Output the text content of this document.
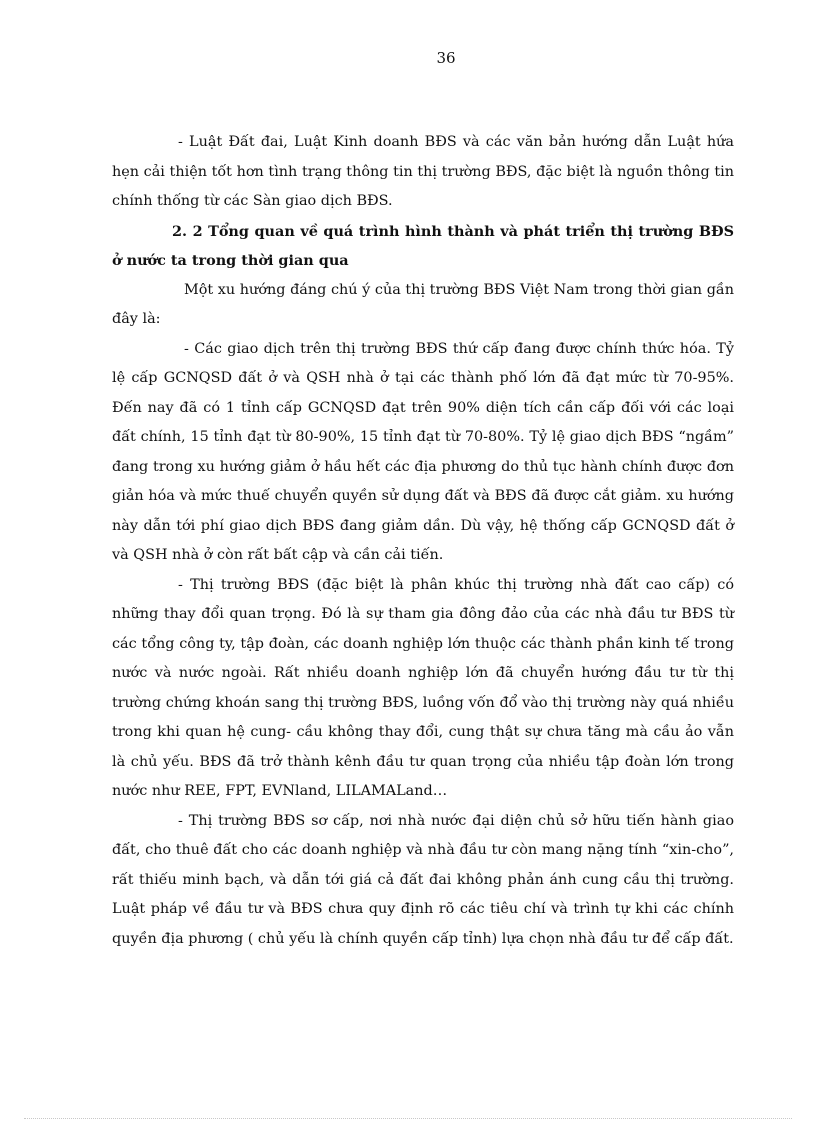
36

- Luật Đất đai, Luật Kinh doanh BĐS và các văn bản hướng dẫn Luật hứa hẹn cải thiện tốt hơn tình trạng thông tin thị trường BĐS, đặc biệt là nguồn thông tin chính thống từ các Sàn giao dịch BĐS.

2. 2 Tổng quan về quá trình hình thành và phát triển thị trường BĐS ở nước ta trong thời gian qua

Một xu hướng đáng chú ý của thị trường BĐS Việt Nam trong thời gian gần đây là:

- Các giao dịch trên thị trường BĐS thứ cấp đang được chính thức hóa. Tỷ lệ cấp GCNQSD đất ở và QSH nhà ở tại các thành phố lớn đã đạt mức từ 70-95%. Đến nay đã có 1 tỉnh cấp GCNQSD đạt trên 90% diện tích cần cấp đối với các loại đất chính, 15 tỉnh đạt từ 80-90%, 15 tỉnh đạt từ 70-80%. Tỷ lệ giao dịch BĐS “ngầm” đang trong xu hướng giảm ở hầu hết các địa phương do thủ tục hành chính được đơn giản hóa và mức thuế chuyển quyền sử dụng đất và BĐS đã được cắt giảm. xu hướng này dẫn tới phí giao dịch BĐS đang giảm dần. Dù vậy, hệ thống cấp GCNQSD đất ở và QSH nhà ở còn rất bất cập và cần cải tiến.

- Thị trường BĐS (đặc biệt là phân khúc thị trường nhà đất cao cấp) có những thay đổi quan trọng. Đó là sự tham gia đông đảo của các nhà đầu tư BĐS từ các tổng công ty, tập đoàn, các doanh nghiệp lớn thuộc các thành phần kinh tế trong nước và nước ngoài. Rất nhiều doanh nghiệp lớn đã chuyển hướng đầu tư từ thị trường chứng khoán sang thị trường BĐS, luồng vốn đổ vào thị trường này quá nhiều trong khi quan hệ cung- cầu không thay đổi, cung thật sự chưa tăng mà cầu ảo vẫn là chủ yếu. BĐS đã trở thành kênh đầu tư quan trọng của nhiều tập đoàn lớn trong nước như REE, FPT, EVNland, LILAMALand…

- Thị trường BĐS sơ cấp, nơi nhà nước đại diện chủ sở hữu tiến hành giao đất, cho thuê đất cho các doanh nghiệp và nhà đầu tư còn mang nặng tính “xin-cho”, rất thiếu minh bạch, và dẫn tới giá cả đất đai không phản ánh cung cầu thị trường. Luật pháp về đầu tư và BĐS chưa quy định rõ các tiêu chí và trình tự khi các chính quyền địa phương ( chủ yếu là chính quyền cấp tỉnh) lựa chọn nhà đầu tư để cấp đất.
